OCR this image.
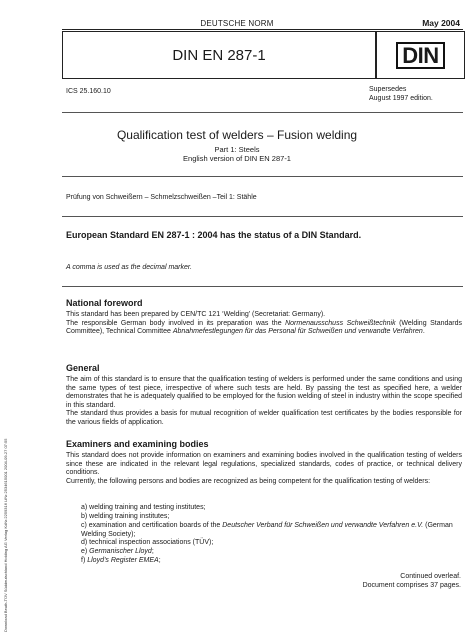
DEUTSCHE NORM	May 2004
DIN EN 287-1	DIN
ICS 25.160.10	Supersedes
August 1997 edition.
Qualification test of welders – Fusion welding
Part 1: Steels
English version of DIN EN 287-1
Prüfung von Schweißern – Schmelzschweißen –Teil 1: Stähle
European Standard EN 287-1 : 2004 has the status of a DIN Standard.
A comma is used as the decimal marker.
National foreword

This standard has been prepared by CEN/TC 121 ‘Welding’ (Secretariat: Germany).

The responsible German body involved in its preparation was the Normenausschuss Schweißtechnik (Welding Standards Committee), Technical Committee Abnahmefestlegungen für das Personal für Schweißen und verwandte Verfahren.

General

The aim of this standard is to ensure that the qualification testing of welders is performed under the same conditions and using the same types of test piece, irrespective of where such tests are held. By passing the test as specified here, a welder demonstrates that he is adequately qualified to be employed for the fusion welding of steel in industry within the scope specified in this standard.

The standard thus provides a basis for mutual recognition of welder qualification test certificates by the bodies responsible for the various fields of application.

Examiners and examining bodies

This standard does not provide information on examiners and examining bodies involved in the qualification testing of welders since these are indicated in the relevant legal regulations, specialized standards, codes of practice, or technical delivery conditions.

Currently, the following persons and bodies are recognized as being competent for the qualification testing of welders:

a) welding training and testing institutes;
b) welding training institutes;
c) examination and certification boards of the Deutscher Verband für Schweißen und verwandte Verfahren e.V. (German Welding Society);
d) technical inspection associations (TÜV);
e) Germanischer Lloyd;
f) Lloyd’s Register EMEA;
Continued overleaf.
Document comprises 37 pages.
Download Beuth-TÜV Süddeutschland Holding AG Verlag KdNr.2259316 LfNr.2534615001 2004-09-27 07:55
